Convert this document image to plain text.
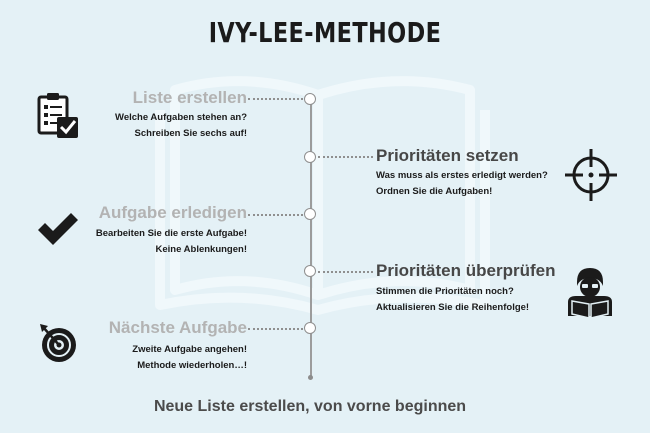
IVY-LEE-METHODE
Liste erstellen
Welche Aufgaben stehen an?
Schreiben Sie sechs auf!
Prioritäten setzen
Was muss als erstes erledigt werden?
Ordnen Sie die Aufgaben!
Aufgabe erledigen
Bearbeiten Sie die erste Aufgabe!
Keine Ablenkungen!
Prioritäten überprüfen
Stimmen die Prioritäten noch?
Aktualisieren Sie die Reihenfolge!
Nächste Aufgabe
Zweite Aufgabe angehen!
Methode wiederholen…!
Neue Liste erstellen, von vorne beginnen
